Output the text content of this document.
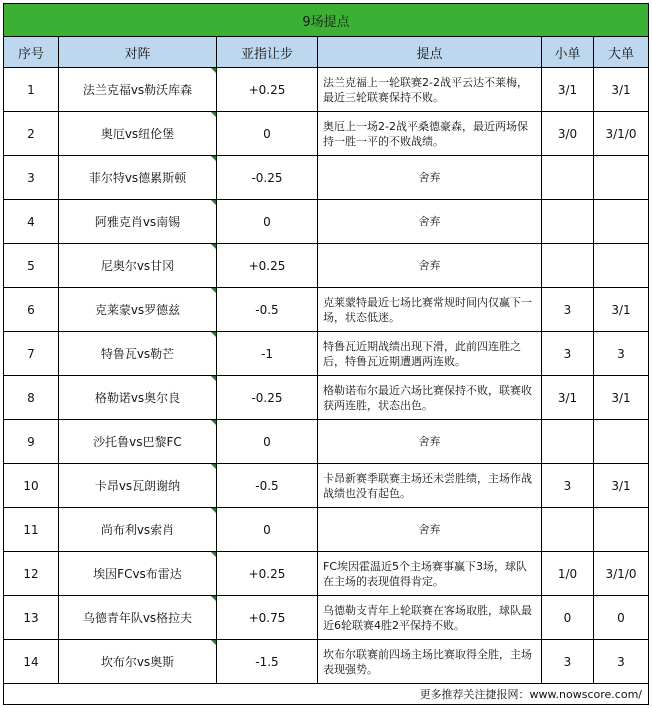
9场提点					
序号	对阵	亚指让步	提点	小单	大单
1	法兰克福vs勒沃库森	+0.25	法兰克福上一轮联赛2-2战平云达不莱梅，最近三轮联赛保持不败。	3/1	3/1
2	奥厄vs纽伦堡	0	奥厄上一场2-2战平桑德豪森，最近两场保持一胜一平的不败战绩。	3/0	3/1/0
3	菲尔特vs德累斯顿	-0.25	舍弃		
4	阿雅克肖vs南锡	0	舍弃		
5	尼奥尔vs甘冈	+0.25	舍弃		
6	克莱蒙vs罗德兹	-0.5	克莱蒙特最近七场比赛常规时间内仅赢下一场，状态低迷。	3	3/1
7	特鲁瓦vs勒芒	-1	特鲁瓦近期战绩出现下滑，此前四连胜之后，特鲁瓦近期遭遇两连败。	3	3
8	格勒诺vs奥尔良	-0.25	格勒诺布尔最近六场比赛保持不败，联赛收获两连胜，状态出色。	3/1	3/1
9	沙托鲁vs巴黎FC	0	舍弃		
10	卡昂vs瓦朗谢纳	-0.5	卡昂新赛季联赛主场还未尝胜绩，主场作战战绩也没有起色。	3	3/1
11	尚布利vs索肖	0	舍弃		
12	埃因FCvs布雷达	+0.25	FC埃因霍温近5个主场赛事赢下3场，球队在主场的表现值得肯定。	1/0	3/1/0
13	乌德青年队vs格拉夫	+0.75	乌德勒支青年上轮联赛在客场取胜，球队最近6轮联赛4胜2平保持不败。	0	0
14	坎布尔vs奥斯	-1.5	坎布尔联赛前四场主场比赛取得全胜，主场表现强势。	3	3
更多推荐关注捷报网：www.nowscore.com/					
